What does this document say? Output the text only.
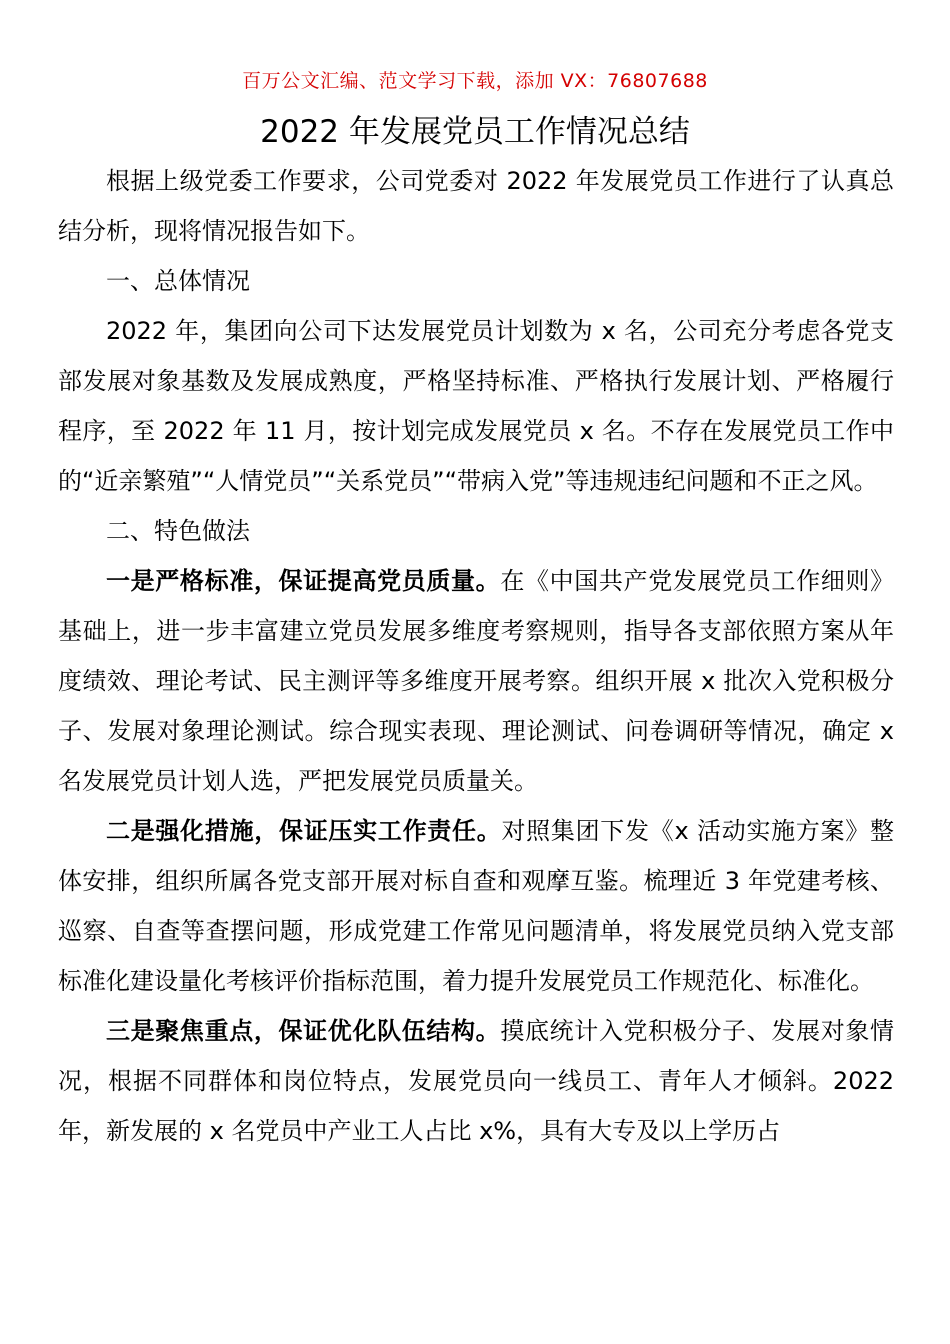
百万公文汇编、范文学习下载，添加 VX：76807688
2022 年发展党员工作情况总结

根据上级党委工作要求，公司党委对 2022 年发展党员工作进行了认真总结分析，现将情况报告如下。

一、总体情况

2022 年，集团向公司下达发展党员计划数为 x 名，公司充分考虑各党支部发展对象基数及发展成熟度，严格坚持标准、严格执行发展计划、严格履行程序，至 2022 年 11 月，按计划完成发展党员 x 名。不存在发展党员工作中的“近亲繁殖”“人情党员”“关系党员”“带病入党”等违规违纪问题和不正之风。

二、特色做法

一是严格标准，保证提高党员质量。在《中国共产党发展党员工作细则》基础上，进一步丰富建立党员发展多维度考察规则，指导各支部依照方案从年度绩效、理论考试、民主测评等多维度开展考察。组织开展 x 批次入党积极分子、发展对象理论测试。综合现实表现、理论测试、问卷调研等情况，确定 x 名发展党员计划人选，严把发展党员质量关。

二是强化措施，保证压实工作责任。对照集团下发《x 活动实施方案》整体安排，组织所属各党支部开展对标自查和观摩互鉴。梳理近 3 年党建考核、巡察、自查等查摆问题，形成党建工作常见问题清单，将发展党员纳入党支部标准化建设量化考核评价指标范围，着力提升发展党员工作规范化、标准化。

三是聚焦重点，保证优化队伍结构。摸底统计入党积极分子、发展对象情况，根据不同群体和岗位特点，发展党员向一线员工、青年人才倾斜。2022 年，新发展的 x 名党员中产业工人占比 x%，具有大专及以上学历占
